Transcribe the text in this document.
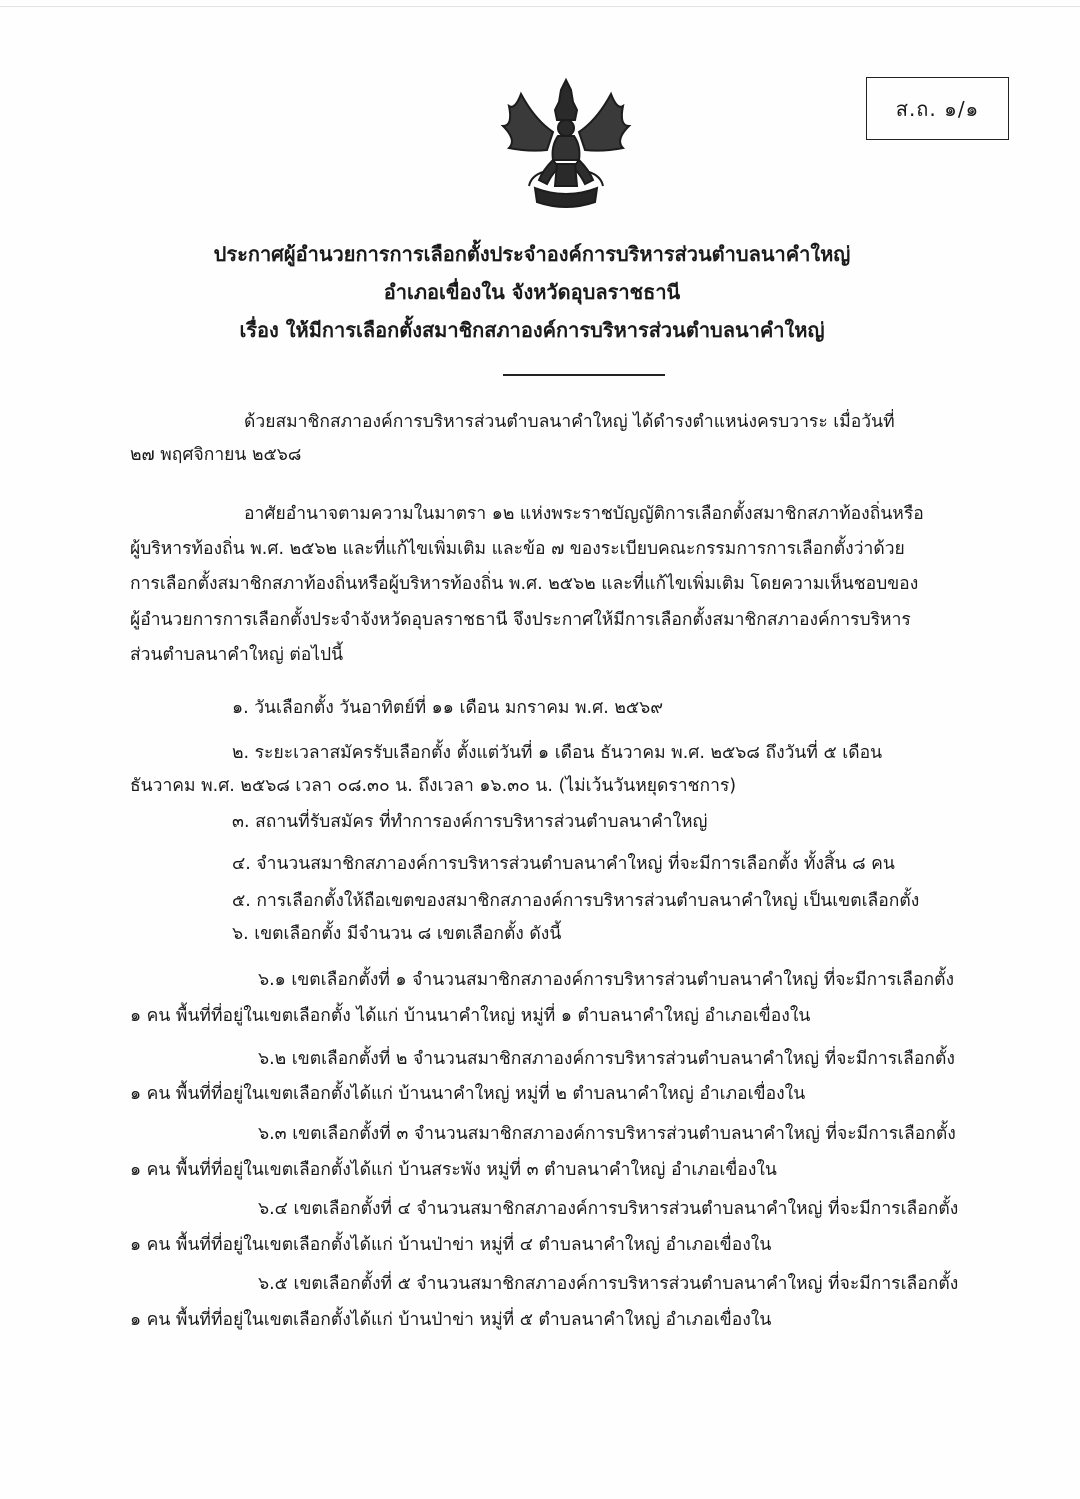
ส.ถ. ๑/๑
ประกาศผู้อำนวยการการเลือกตั้งประจำองค์การบริหารส่วนตำบลนาคำใหญ่
อำเภอเขื่องใน จังหวัดอุบลราชธานี
เรื่อง ให้มีการเลือกตั้งสมาชิกสภาองค์การบริหารส่วนตำบลนาคำใหญ่
ด้วยสมาชิกสภาองค์การบริหารส่วนตำบลนาคำใหญ่ ได้ดำรงตำแหน่งครบวาระ เมื่อวันที่
๒๗ พฤศจิกายน ๒๕๖๘
อาศัยอำนาจตามความในมาตรา ๑๒ แห่งพระราชบัญญัติการเลือกตั้งสมาชิกสภาท้องถิ่นหรือ
ผู้บริหารท้องถิ่น พ.ศ. ๒๕๖๒ และที่แก้ไขเพิ่มเติม และข้อ ๗ ของระเบียบคณะกรรมการการเลือกตั้งว่าด้วย
การเลือกตั้งสมาชิกสภาท้องถิ่นหรือผู้บริหารท้องถิ่น พ.ศ. ๒๕๖๒ และที่แก้ไขเพิ่มเติม โดยความเห็นชอบของ
ผู้อำนวยการการเลือกตั้งประจำจังหวัดอุบลราชธานี จึงประกาศให้มีการเลือกตั้งสมาชิกสภาองค์การบริหาร
ส่วนตำบลนาคำใหญ่ ต่อไปนี้
๑. วันเลือกตั้ง วันอาทิตย์ที่ ๑๑ เดือน มกราคม พ.ศ. ๒๕๖๙
๒. ระยะเวลาสมัครรับเลือกตั้ง ตั้งแต่วันที่ ๑ เดือน ธันวาคม พ.ศ. ๒๕๖๘ ถึงวันที่ ๕ เดือน
ธันวาคม พ.ศ. ๒๕๖๘ เวลา ๐๘.๓๐ น. ถึงเวลา ๑๖.๓๐ น. (ไม่เว้นวันหยุดราชการ)
๓. สถานที่รับสมัคร ที่ทำการองค์การบริหารส่วนตำบลนาคำใหญ่
๔. จำนวนสมาชิกสภาองค์การบริหารส่วนตำบลนาคำใหญ่ ที่จะมีการเลือกตั้ง ทั้งสิ้น ๘ คน
๕. การเลือกตั้งให้ถือเขตของสมาชิกสภาองค์การบริหารส่วนตำบลนาคำใหญ่ เป็นเขตเลือกตั้ง
๖. เขตเลือกตั้ง มีจำนวน ๘ เขตเลือกตั้ง ดังนี้
๖.๑ เขตเลือกตั้งที่ ๑ จำนวนสมาชิกสภาองค์การบริหารส่วนตำบลนาคำใหญ่ ที่จะมีการเลือกตั้ง
๑ คน พื้นที่ที่อยู่ในเขตเลือกตั้ง ได้แก่ บ้านนาคำใหญ่ หมู่ที่ ๑ ตำบลนาคำใหญ่ อำเภอเขื่องใน
๖.๒ เขตเลือกตั้งที่ ๒ จำนวนสมาชิกสภาองค์การบริหารส่วนตำบลนาคำใหญ่ ที่จะมีการเลือกตั้ง
๑ คน พื้นที่ที่อยู่ในเขตเลือกตั้งได้แก่ บ้านนาคำใหญ่ หมู่ที่ ๒ ตำบลนาคำใหญ่ อำเภอเขื่องใน
๖.๓ เขตเลือกตั้งที่ ๓ จำนวนสมาชิกสภาองค์การบริหารส่วนตำบลนาคำใหญ่ ที่จะมีการเลือกตั้ง
๑ คน พื้นที่ที่อยู่ในเขตเลือกตั้งได้แก่ บ้านสระพัง หมู่ที่ ๓ ตำบลนาคำใหญ่ อำเภอเขื่องใน
๖.๔ เขตเลือกตั้งที่ ๔ จำนวนสมาชิกสภาองค์การบริหารส่วนตำบลนาคำใหญ่ ที่จะมีการเลือกตั้ง
๑ คน พื้นที่ที่อยู่ในเขตเลือกตั้งได้แก่ บ้านป่าข่า หมู่ที่ ๔ ตำบลนาคำใหญ่ อำเภอเขื่องใน
๖.๕ เขตเลือกตั้งที่ ๕ จำนวนสมาชิกสภาองค์การบริหารส่วนตำบลนาคำใหญ่ ที่จะมีการเลือกตั้ง
๑ คน พื้นที่ที่อยู่ในเขตเลือกตั้งได้แก่ บ้านป่าข่า หมู่ที่ ๕ ตำบลนาคำใหญ่ อำเภอเขื่องใน
